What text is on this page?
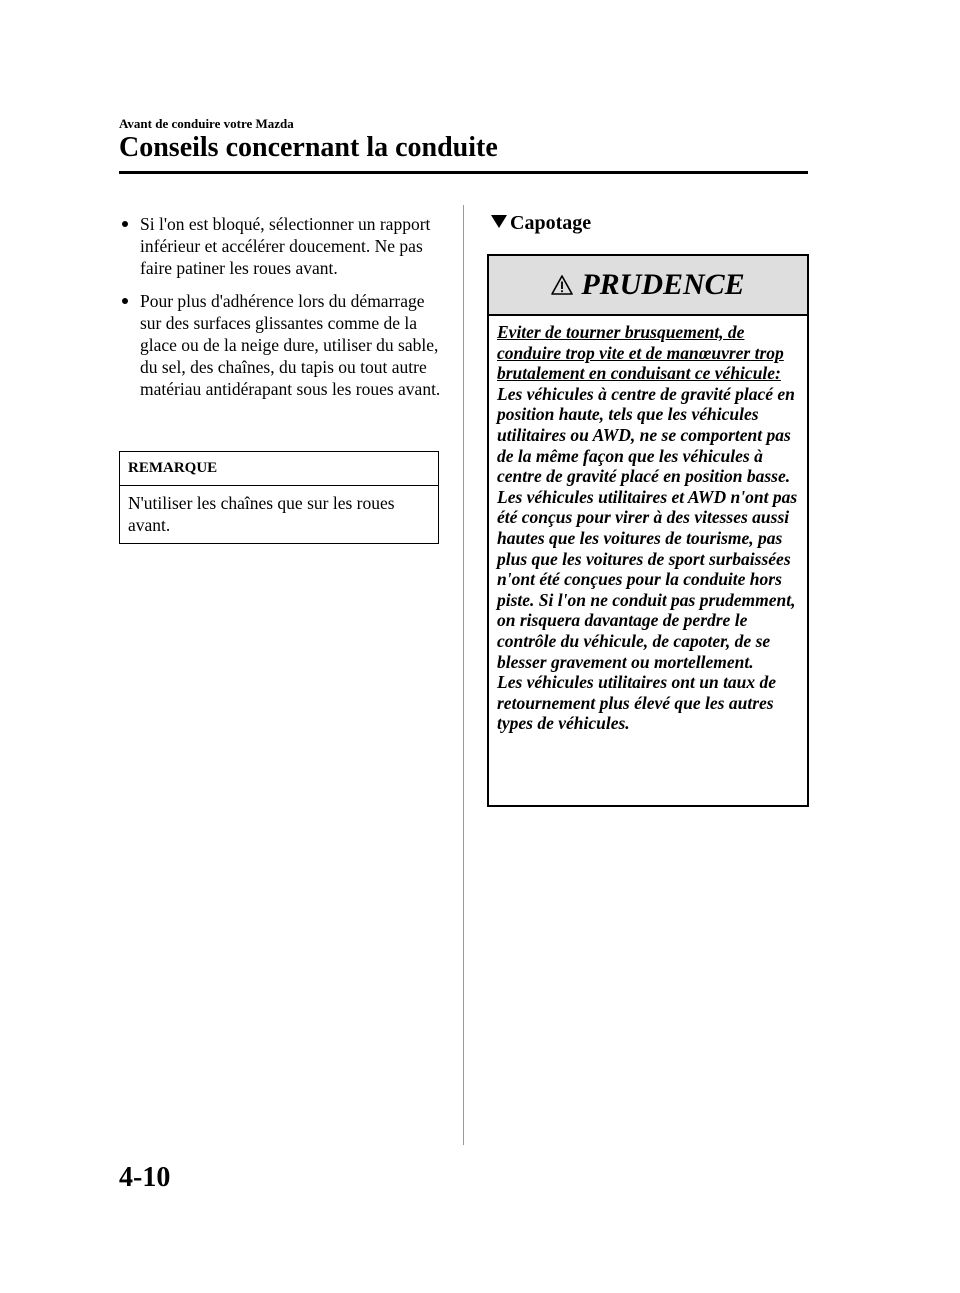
Avant de conduire votre Mazda
Conseils concernant la conduite
Si l'on est bloqué, sélectionner un rapport inférieur et accélérer doucement. Ne pas faire patiner les roues avant.
Pour plus d'adhérence lors du démarrage sur des surfaces glissantes comme de la glace ou de la neige dure, utiliser du sable, du sel, des chaînes, du tapis ou tout autre matériau antidérapant sous les roues avant.
REMARQUE
N'utiliser les chaînes que sur les roues avant.
Capotage
PRUDENCE

Eviter de tourner brusquement, de conduire trop vite et de manœuvrer trop brutalement en conduisant ce véhicule:

Les véhicules à centre de gravité placé en position haute, tels que les véhicules utilitaires ou AWD, ne se comportent pas de la même façon que les véhicules à centre de gravité placé en position basse. Les véhicules utilitaires et AWD n'ont pas été conçus pour virer à des vitesses aussi hautes que les voitures de tourisme, pas plus que les voitures de sport surbaissées n'ont été conçues pour la conduite hors piste. Si l'on ne conduit pas prudemment, on risquera davantage de perdre le contrôle du véhicule, de capoter, de se blesser gravement ou mortellement.

Les véhicules utilitaires ont un taux de retournement plus élevé que les autres types de véhicules.

4-10
